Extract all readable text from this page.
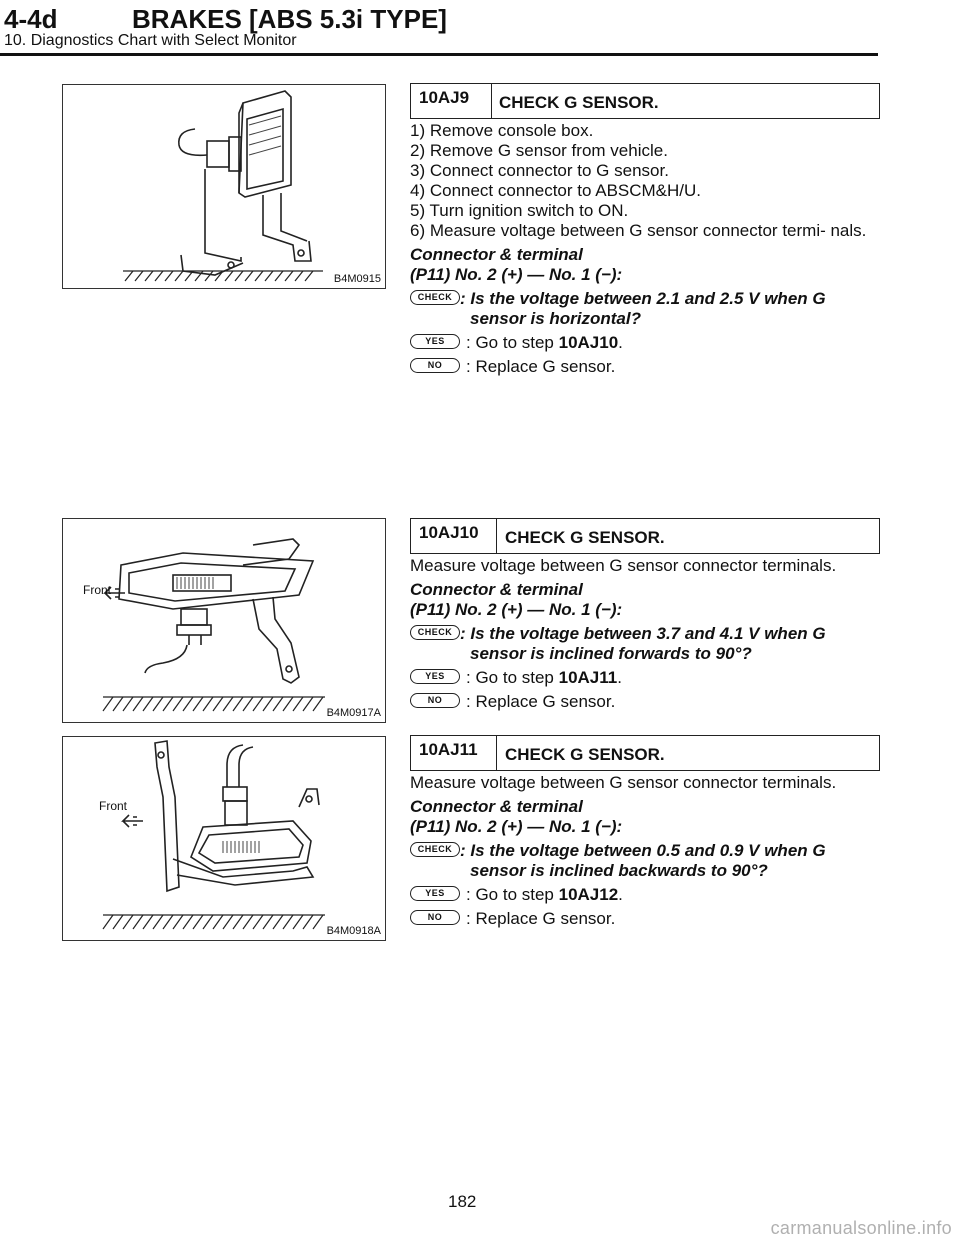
4-4d	BRAKES [ABS 5.3i TYPE]
10. Diagnostics Chart with Select Monitor
B4M0915
10AJ9 CHECK G SENSOR.
1) Remove console box.
2) Remove G sensor from vehicle.
3) Connect connector to G sensor.
4) Connect connector to ABSCM&H/U.
5) Turn ignition switch to ON.
6) Measure voltage between G sensor connector termi- nals.
Connector & terminal
(P11) No. 2 (+) — No. 1 (−):
CHECK : Is the voltage between 2.1 and 2.5 V when G sensor is horizontal?
YES	: Go to step 10AJ10.
NO	: Replace G sensor.
Front
B4M0917A
10AJ10 CHECK G SENSOR.
Measure voltage between G sensor connector terminals.
Connector & terminal
(P11) No. 2 (+) — No. 1 (−):
CHECK : Is the voltage between 3.7 and 4.1 V when G sensor is inclined forwards to 90°?
YES	: Go to step 10AJ11.
NO	: Replace G sensor.
Front
B4M0918A
10AJ11 CHECK G SENSOR.
Measure voltage between G sensor connector terminals.
Connector & terminal
(P11) No. 2 (+) — No. 1 (−):
CHECK : Is the voltage between 0.5 and 0.9 V when G sensor is inclined backwards to 90°?
YES	: Go to step 10AJ12.
NO	: Replace G sensor.
182
carmanualsonline.info
